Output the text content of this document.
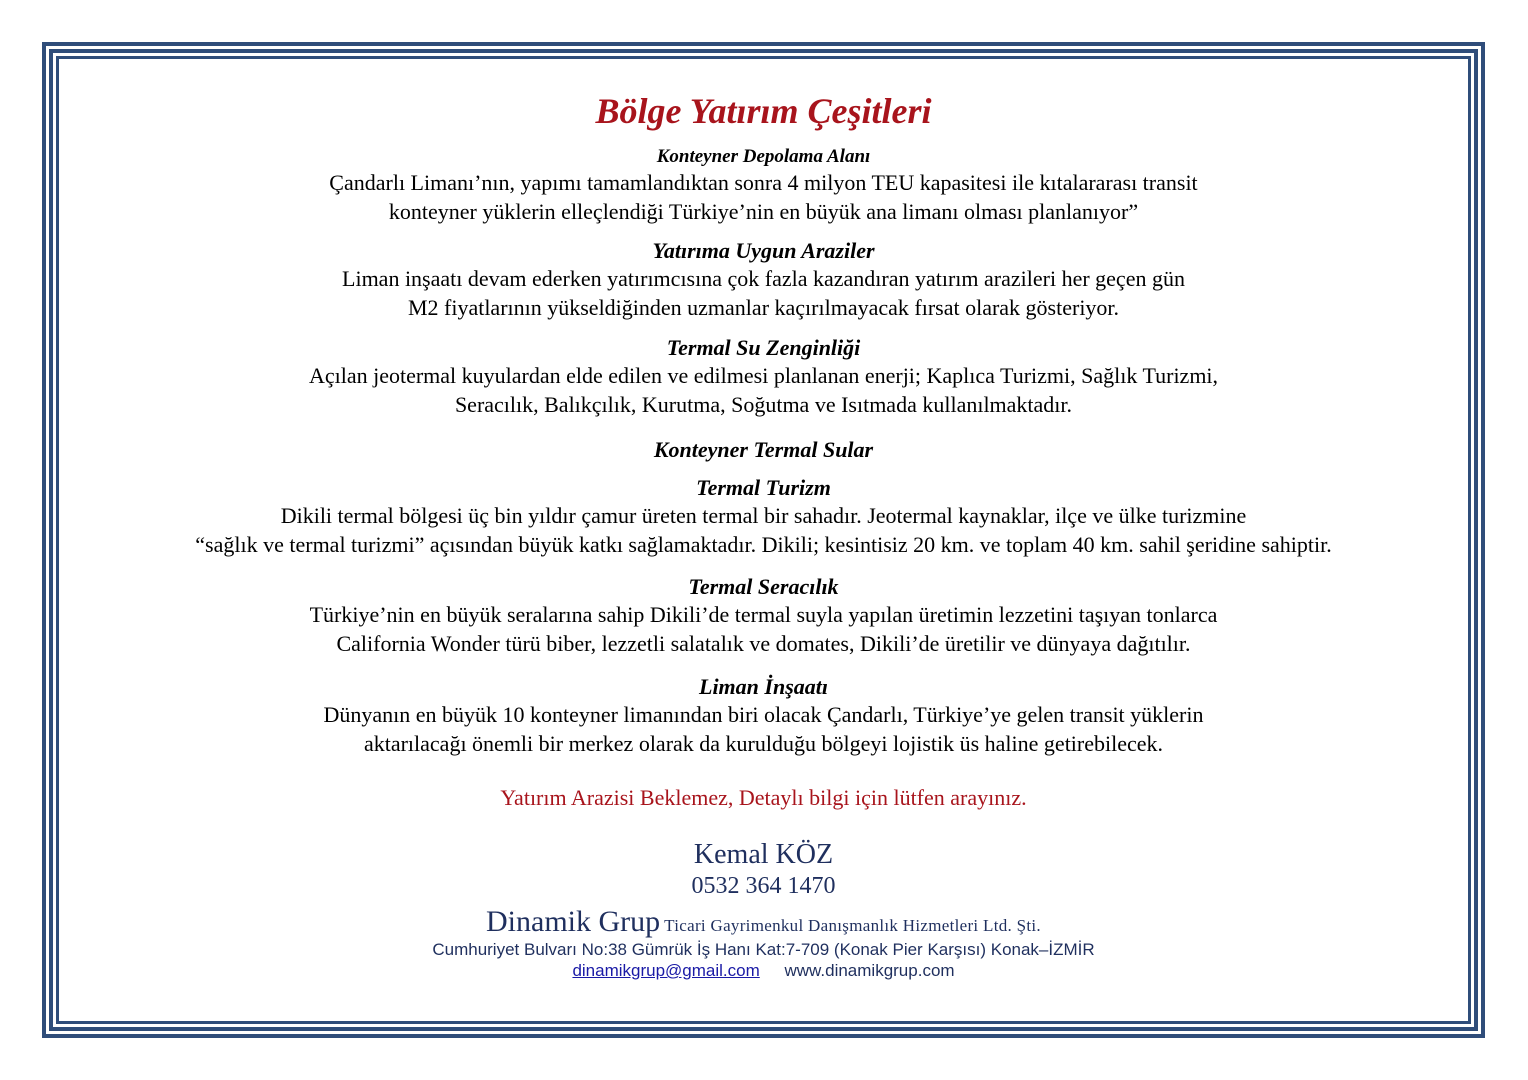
Bölge Yatırım Çeşitleri
Konteyner Depolama Alanı
Çandarlı Limanı’nın, yapımı tamamlandıktan sonra 4 milyon TEU kapasitesi ile kıtalararası transit
konteyner yüklerin elleçlendiği Türkiye’nin en büyük ana limanı olması planlanıyor”
Yatırıma Uygun Araziler
Liman inşaatı devam ederken yatırımcısına çok fazla kazandıran yatırım arazileri her geçen gün
M2 fiyatlarının yükseldiğinden uzmanlar kaçırılmayacak fırsat olarak gösteriyor.
Termal Su Zenginliği
Açılan jeotermal kuyulardan elde edilen ve edilmesi planlanan enerji; Kaplıca Turizmi, Sağlık Turizmi,
Seracılık, Balıkçılık, Kurutma, Soğutma ve Isıtmada kullanılmaktadır.
Konteyner Termal Sular
Termal Turizm
Dikili termal bölgesi üç bin yıldır çamur üreten termal bir sahadır. Jeotermal kaynaklar, ilçe ve ülke turizmine
“sağlık ve termal turizmi” açısından büyük katkı sağlamaktadır. Dikili; kesintisiz 20 km. ve toplam 40 km. sahil şeridine sahiptir.
Termal Seracılık
Türkiye’nin en büyük seralarına sahip Dikili’de termal suyla yapılan üretimin lezzetini taşıyan tonlarca
California Wonder türü biber, lezzetli salatalık ve domates, Dikili’de üretilir ve dünyaya dağıtılır.
Liman İnşaatı
Dünyanın en büyük 10 konteyner limanından biri olacak Çandarlı, Türkiye’ye gelen transit yüklerin
aktarılacağı önemli bir merkez olarak da kurulduğu bölgeyi lojistik üs haline getirebilecek.
Yatırım Arazisi Beklemez, Detaylı bilgi için lütfen arayınız.
Kemal KÖZ
0532 364 1470
Dinamik Grup Ticari Gayrimenkul Danışmanlık Hizmetleri Ltd. Şti.
Cumhuriyet Bulvarı No:38 Gümrük İş Hanı Kat:7-709 (Konak Pier Karşısı) Konak–İZMİR
dinamikgrup@gmail.com www.dinamikgrup.com
